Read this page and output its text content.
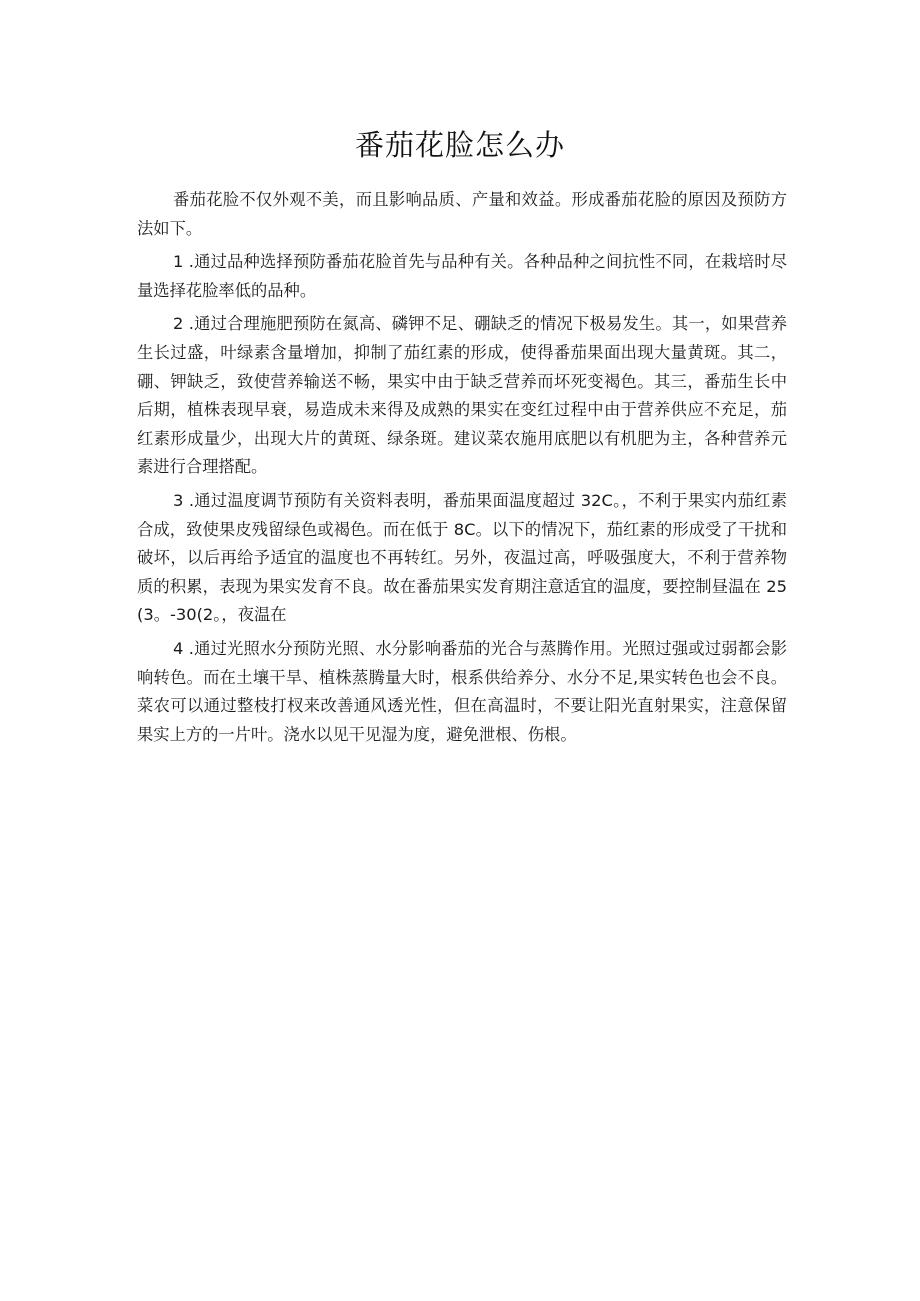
番茄花脸怎么办

番茄花脸不仅外观不美，而且影响品质、产量和效益。形成番茄花脸的原因及预防方法如下。

1 .通过品种选择预防番茄花脸首先与品种有关。各种品种之间抗性不同，在栽培时尽量选择花脸率低的品种。

2 .通过合理施肥预防在氮高、磷钾不足、硼缺乏的情况下极易发生。其一，如果营养生长过盛，叶绿素含量增加，抑制了茄红素的形成，使得番茄果面出现大量黄斑。其二，硼、钾缺乏，致使营养输送不畅，果实中由于缺乏营养而坏死变褐色。其三，番茄生长中后期，植株表现早衰，易造成未来得及成熟的果实在变红过程中由于营养供应不充足，茄红素形成量少，出现大片的黄斑、绿条斑。建议菜农施用底肥以有机肥为主，各种营养元素进行合理搭配。

3 .通过温度调节预防有关资料表明，番茄果面温度超过 32C。，不利于果实内茄红素合成，致使果皮残留绿色或褐色。而在低于 8C。以下的情况下，茄红素的形成受了干扰和破坏，以后再给予适宜的温度也不再转红。另外，夜温过高，呼吸强度大，不利于营养物质的积累，表现为果实发育不良。故在番茄果实发育期注意适宜的温度，要控制昼温在 25(3。-30(2。，夜温在

4 .通过光照水分预防光照、水分影响番茄的光合与蒸腾作用。光照过强或过弱都会影响转色。而在土壤干旱、植株蒸腾量大时，根系供给养分、水分不足,果实转色也会不良。菜农可以通过整枝打杈来改善通风透光性，但在高温时，不要让阳光直射果实，注意保留果实上方的一片叶。浇水以见干见湿为度，避免泄根、伤根。
